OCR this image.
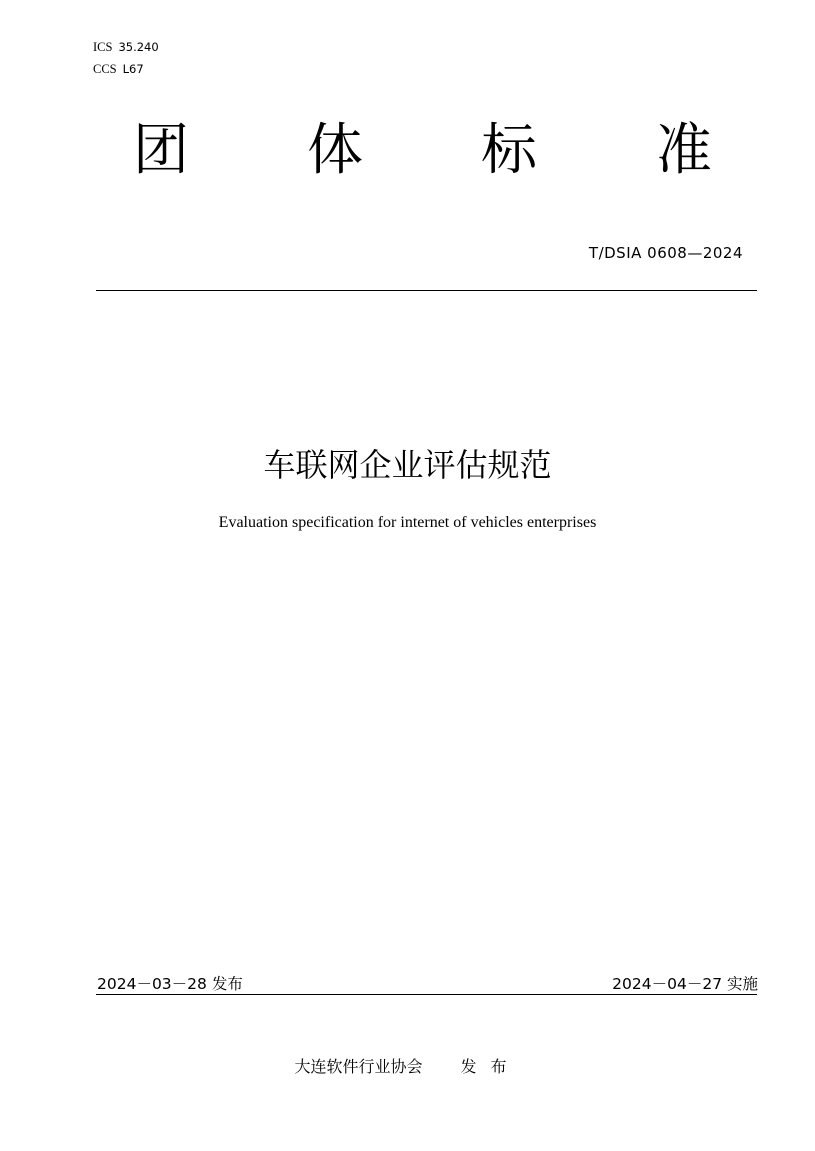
ICS 35.240
CCS L67
团 体 标 准
T/DSIA 0608—2024
车联网企业评估规范
Evaluation specification for internet of vehicles enterprises
2024－03－28 发布	2024－04－27 实施
大连软件行业协会 发布
